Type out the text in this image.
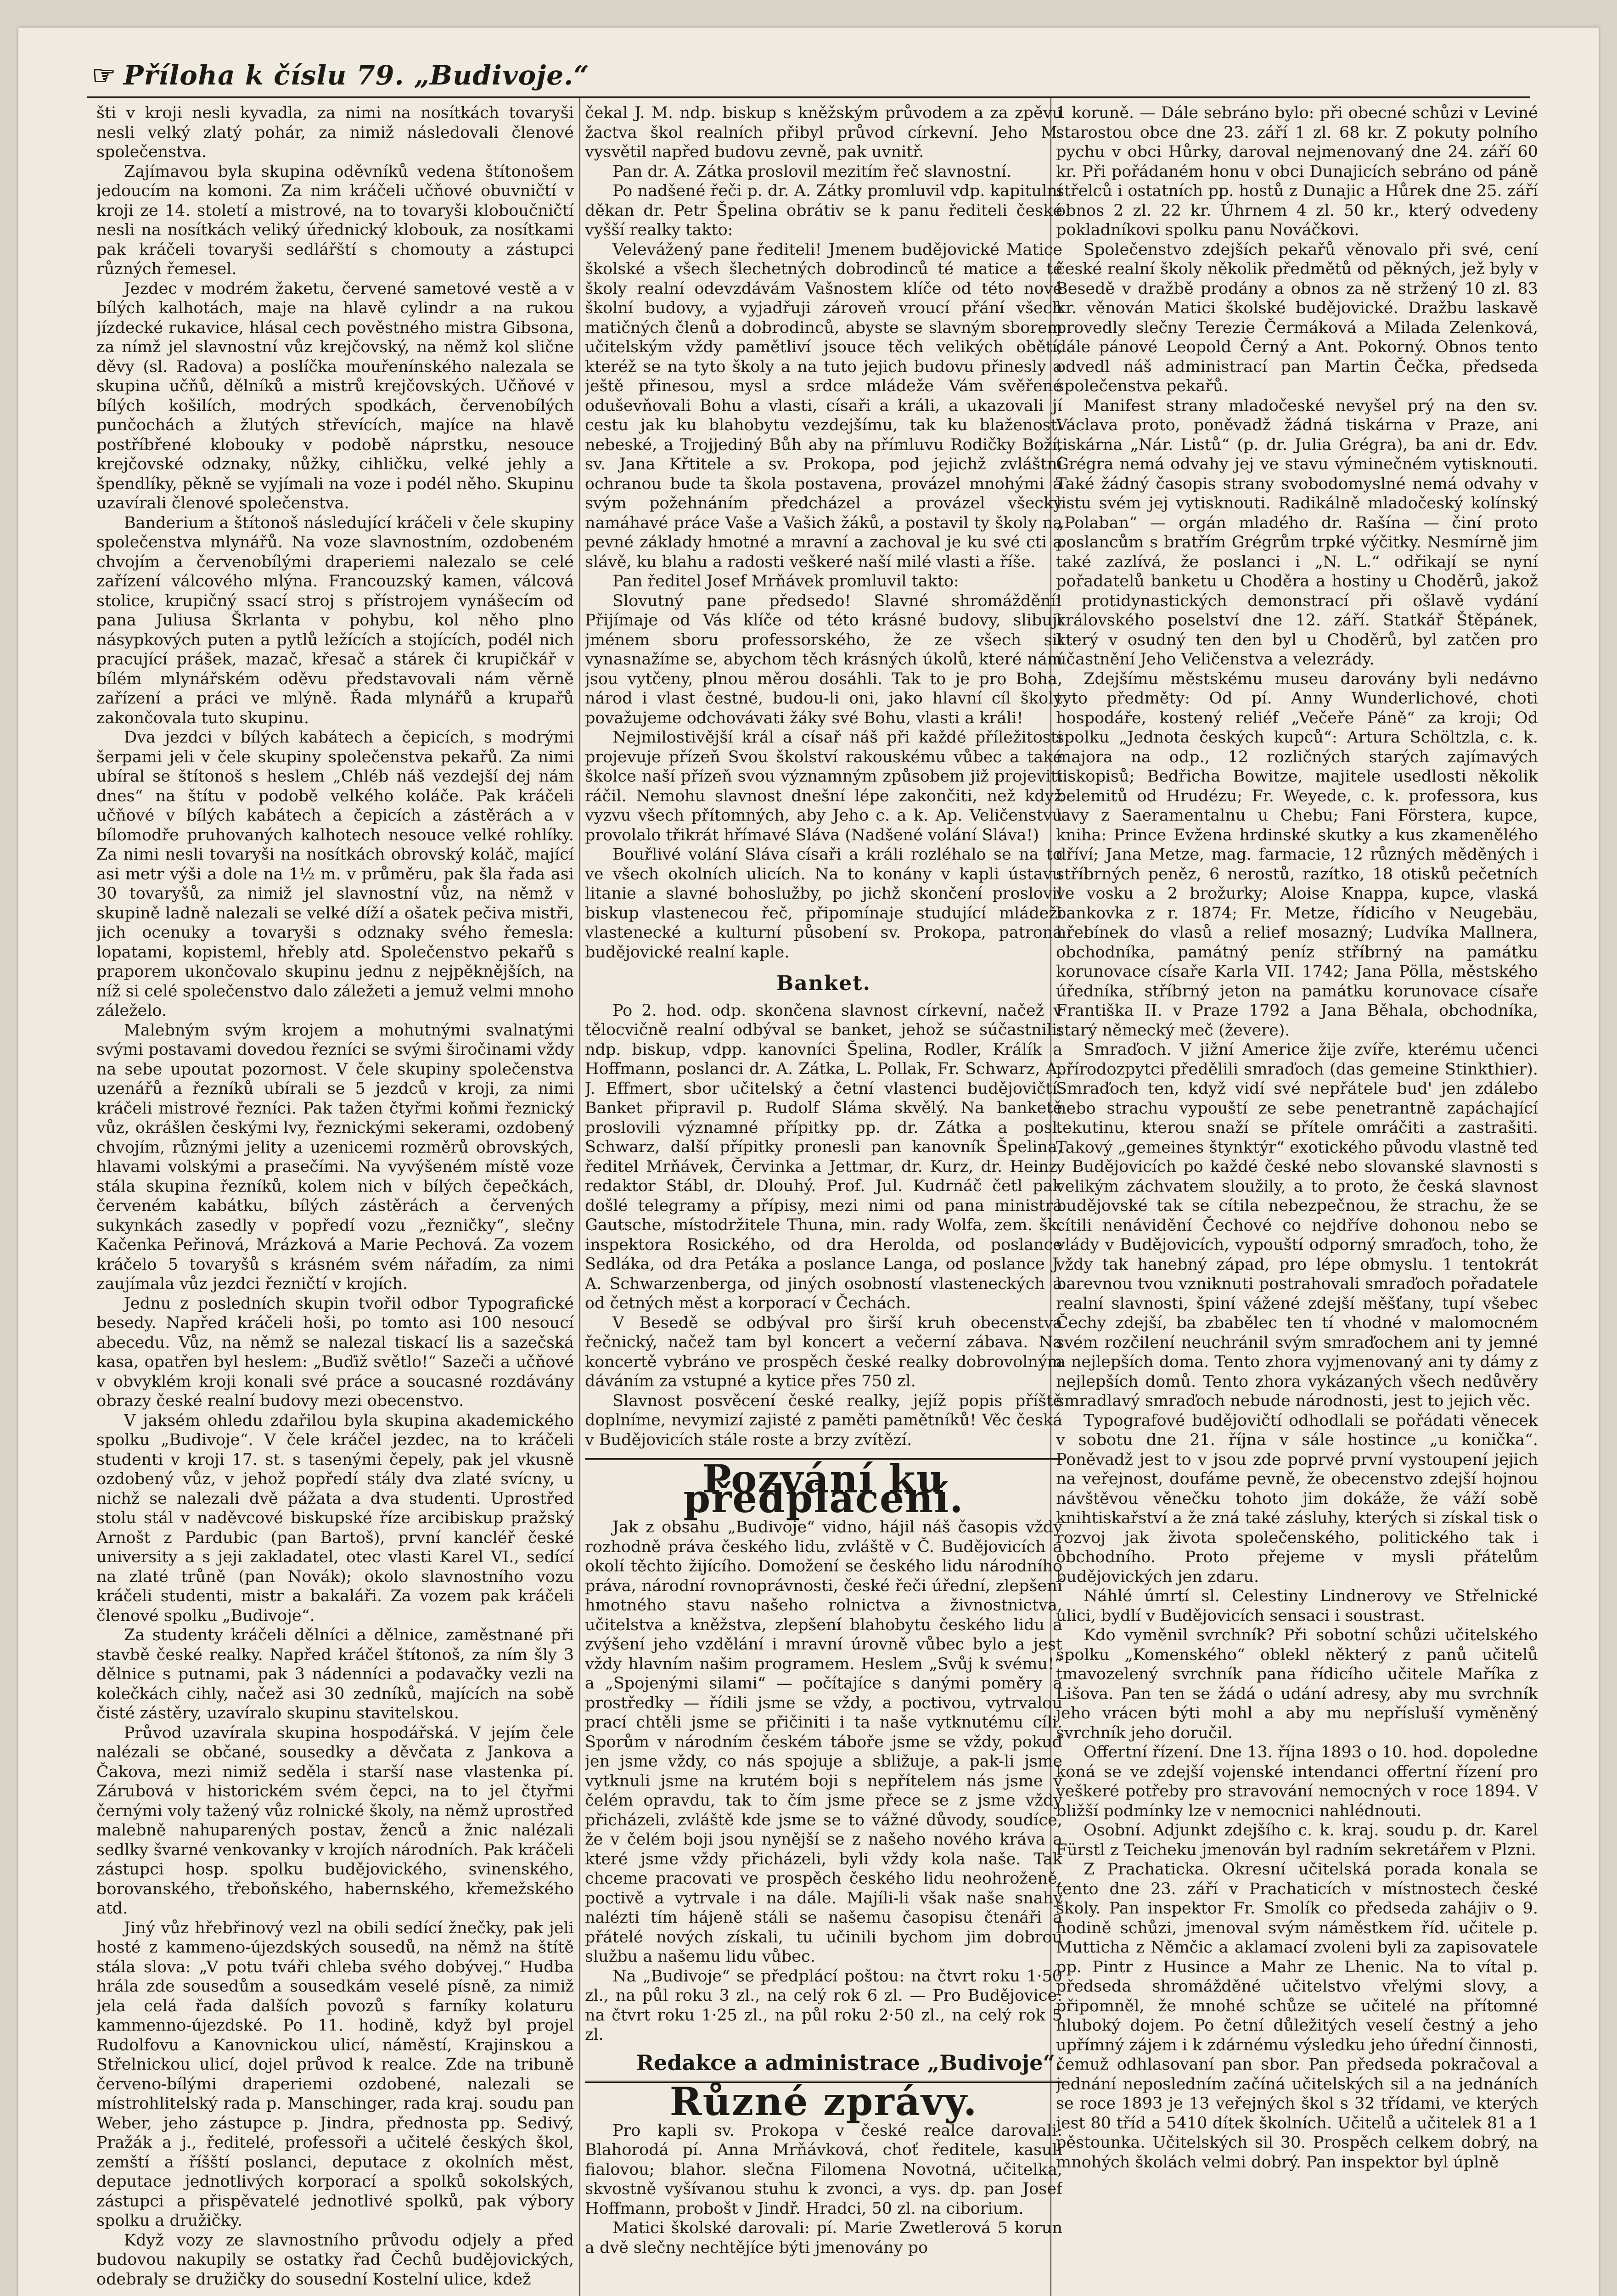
☞ Příloha k číslu 79. „Budivoje.“

šti v kroji nesli kyvadla, za nimi na nosítkách tovaryši nesli velký zlatý pohár, za nimiž následovali členové společenstva.

Zajímavou byla skupina oděvníků vedena štítonošem jedoucím na komoni. Za nim kráčeli učňové obuvničtí v kroji ze 14. století a mistrové, na to tovaryši kloboučničtí nesli na nosítkách veliký úřednický klobouk, za nosítkami pak kráčeli tovaryši sedlářští s chomouty a zástupci různých řemesel.

Jezdec v modrém žaketu, červené sametové vestě a v bílých kalhotách, maje na hlavě cylindr a na rukou jízdecké rukavice, hlásal cech pověstného mistra Gibsona, za nímž jel slavnostní vůz krejčovský, na němž kol slične děvy (sl. Radova) a poslíčka mouřenínského nalezala se skupina učňů, dělníků a mistrů krejčovských. Učňové v bílých košilích, modrých spodkách, červenobílých punčochách a žlutých střevících, majíce na hlavě postříbřené klobouky v podobě náprstku, nesouce krejčovské odznaky, nůžky, cihličku, velké jehly a špendlíky, pěkně se vyjímali na voze i podél něho. Skupinu uzavírali členové společenstva.

Banderium a štítonoš následující kráčeli v čele skupiny společenstva mlynářů. Na voze slavnostním, ozdobeném chvojím a červenobílými draperiemi nalezalo se celé zařízení válcového mlýna. Francouzský kamen, válcová stolice, krupičný ssací stroj s přístrojem vynášecím od pana Juliusa Škrlanta v pohybu, kol něho plno násypkových puten a pytlů ležících a stojících, podél nich pracující prášek, mazač, křesač a stárek či krupičkář v bílém mlynářském oděvu představovali nám věrně zařízení a práci ve mlýně. Řada mlynářů a krupařů zakončovala tuto skupinu.

Dva jezdci v bílých kabátech a čepicích, s modrými šerpami jeli v čele skupiny společenstva pekařů. Za nimi ubíral se štítonoš s heslem „Chléb náš vezdejší dej nám dnes“ na štítu v podobě velkého koláče. Pak kráčeli učňové v bílých kabátech a čepicích a zástěrách a v bílomodře pruhovaných kalhotech nesouce velké rohlíky. Za nimi nesli tovaryši na nosítkách obrovský koláč, mající asi metr výši a dole na 1½ m. v průměru, pak šla řada asi 30 tovaryšů, za nimiž jel slavnostní vůz, na němž v skupině ladně nalezali se velké díží a ošatek pečiva mistři, jich ocenuky a tovaryši s odznaky svého řemesla: lopatami, kopisteml, hřebly atd. Společenstvo pekařů s praporem ukončovalo skupinu jednu z nejpěknějších, na níž si celé společenstvo dalo záležeti a jemuž velmi mnoho záleželo.

Malebným svým krojem a mohutnými svalnatými svými postavami dovedou řezníci se svými širočinami vždy na sebe upoutat pozornost. V čele skupiny společenstva uzenářů a řezníků ubírali se 5 jezdců v kroji, za nimi kráčeli mistrové řezníci. Pak tažen čtyřmi koňmi řeznický vůz, okrášlen českými lvy, řeznickými sekerami, ozdobený chvojím, různými jelity a uzenicemi rozměrů obrovských, hlavami volskými a prasečími. Na vyvýšeném místě voze stála skupina řezníků, kolem nich v bílých čepečkách, červeném kabátku, bílých zástěrách a červených sukynkách zasedly v popředí vozu „řezničky“, slečny Kačenka Peřinová, Mrázková a Marie Pechová. Za vozem kráčelo 5 tovaryšů s krásném svém nářadím, za nimi zaujímala vůz jezdci řezničtí v krojích.

Jednu z posledních skupin tvořil odbor Typografické besedy. Napřed kráčeli hoši, po tomto asi 100 nesoucí abecedu. Vůz, na němž se nalezal tiskací lis a sazečská kasa, opatřen byl heslem: „Buďiž světlo!“ Sazeči a učňové v obvyklém kroji konali své práce a soucasné rozdávány obrazy české realní budovy mezi obecenstvo.

V jaksém ohledu zdařilou byla skupina akademického spolku „Budivoje“. V čele kráčel jezdec, na to kráčeli studenti v kroji 17. st. s tasenými čepely, pak jel vkusně ozdobený vůz, v jehož popředí stály dva zlaté svícny, u nichž se nalezali dvě pážata a dva studenti. Uprostřed stolu stál v naděvcové biskupské říze arcibiskup pražský Arnošt z Pardubic (pan Bartoš), první kancléř české university a s jeji zakladatel, otec vlasti Karel VI., sedící na zlaté trůně (pan Novák); okolo slavnostního vozu kráčeli studenti, mistr a bakaláři. Za vozem pak kráčeli členové spolku „Budivoje“.

Za studenty kráčeli dělníci a dělnice, zaměstnané při stavbě české realky. Napřed kráčel štítonoš, za ním šly 3 dělnice s putnami, pak 3 nádenníci a podavačky vezli na kolečkách cihly, načež asi 30 zedníků, majících na sobě čisté zástěry, uzavíralo skupinu stavitelskou.

Průvod uzavírala skupina hospodářská. V jejím čele nalézali se občané, sousedky a děvčata z Jankova a Čakova, mezi nimiž seděla i starší nase vlastenka pí. Zárubová v historickém svém čepci, na to jel čtyřmi černými voly tažený vůz rolnické školy, na němž uprostřed malebně nahuparených postav, ženců a žnic nalézali sedlky švarné venkovanky v krojích národních. Pak kráčeli zástupci hosp. spolku budějovického, svinenského, borovanského, třeboňského, habernského, křemežského atd.

Jiný vůz hřebřinový vezl na obili sedící žnečky, pak jeli hosté z kammeno-újezdských sousedů, na němž na štítě stála slova: „V potu tváři chleba svého dobývej.“ Hudba hrála zde sousedům a sousedkám veselé písně, za nimiž jela celá řada dalších povozů s farníky kolaturu kammenno-újezdské. Po 11. hodině, když byl projel Rudolfovu a Kanovnickou ulicí, náměstí, Krajinskou a Střelnickou ulicí, dojel průvod k realce. Zde na tribuně červeno-bílými draperiemi ozdobené, nalezali se místrohlitelský rada p. Manschinger, rada kraj. soudu pan Weber, jeho zástupce p. Jindra, přednosta pp. Sedivý, Pražák a j., ředitelé, professoři a učitelé českých škol, zemští a říšští poslanci, deputace z okolních měst, deputace jednotlivých korporací a spolků sokolských, zástupci a přispěvatelé jednotlivé spolků, pak výbory spolku a družičky.

Když vozy ze slavnostního průvodu odjely a před budovou nakupily se ostatky řad Čechů budějovických, odebraly se družičky do sousední Kostelní ulice, kdež

čekal J. M. ndp. biskup s kněžským průvodem a za zpěvu žactva škol realních přibyl průvod církevní. Jeho M. vysvětil napřed budovu zevně, pak uvnitř.

Pan dr. A. Zátka proslovil mezitím řeč slavnostní.

Po nadšené řeči p. dr. A. Zátky promluvil vdp. kapitulní děkan dr. Petr Špelina obrátiv se k panu řediteli české vyšší realky takto:

Velevážený pane řediteli! Jmenem budějovické Matice školské a všech šlechetných dobrodinců té matice a té školy realní odevzdávám Vašnostem klíče od této nové školní budovy, a vyjadřuji zároveň vroucí přání všech matičných členů a dobrodinců, abyste se slavným sborem učitelským vždy pamětliví jsouce těch velikých obětí, kteréž se na tyto školy a na tuto jejich budovu přinesly a ještě přinesou, mysl a srdce mládeže Vám svěřené oduševňovali Bohu a vlasti, císaři a králi, a ukazovali jí cestu jak ku blahobytu vezdejšímu, tak ku blaženosti nebeské, a Trojjediný Bůh aby na přímluvu Rodičky Boží, sv. Jana Křtitele a sv. Prokopa, pod jejichž zvláštní ochranou bude ta škola postavena, provázel mnohými a svým požehnáním předcházel a provázel všecky namáhavé práce Vaše a Vašich žáků, a postavil ty školy na pevné základy hmotné a mravní a zachoval je ku své cti a slávě, ku blahu a radosti veškeré naší milé vlasti a říše.

Pan ředitel Josef Mrňávek promluvil takto:

Slovutný pane předsedo! Slavné shromáždění! Přijímaje od Vás klíče od této krásné budovy, slibuji jménem sboru professorského, že ze všech sil vynasnažíme se, abychom těch krásných úkolů, které nám jsou vytčeny, plnou měrou dosáhli. Tak to je pro Boha, národ i vlast čestné, budou-li oni, jako hlavní cíl školy považujeme odchovávati žáky své Bohu, vlasti a králi!

Nejmilostivější král a císař náš při každé příležitosti projevuje přízeň Svou školství rakouskému vůbec a také školce naší přízeň svou významným způsobem již projeviti ráčil. Nemohu slavnost dnešní lépe zakončiti, než když vyzvu všech přítomných, aby Jeho c. a k. Ap. Veličenstvu provolalo třikrát hřímavé Sláva (Nadšené volání Sláva!)

Bouřlivé volání Sláva císaři a králi rozléhalo se na to ve všech okolních ulicích. Na to konány v kapli ústavu litanie a slavné bohoslužby, po jichž skončení proslovil biskup vlastenecou řeč, připomínaje studující mládeži vlastenecké a kulturní působení sv. Prokopa, patrona budějovické realní kaple.

Banket.

Po 2. hod. odp. skončena slavnost církevní, načež v tělocvičně realní odbýval se banket, jehož se súčastnili: ndp. biskup, vdpp. kanovníci Špelina, Rodler, Králík a Hoffmann, poslanci dr. A. Zátka, L. Pollak, Fr. Schwarz, A. J. Effmert, sbor učitelský a četní vlastenci budějovičtí. Banket připravil p. Rudolf Sláma skvělý. Na banketě proslovili významné přípitky pp. dr. Zátka a posl. Schwarz, další přípitky pronesli pan kanovník Špelina, ředitel Mrňávek, Červinka a Jettmar, dr. Kurz, dr. Heinz, redaktor Stábl, dr. Dlouhý. Prof. Jul. Kudrnáč četl pak došlé telegramy a přípisy, mezi nimi od pana ministra Gautsche, místodržitele Thuna, min. rady Wolfa, zem. šk. inspektora Rosického, od dra Herolda, od poslance Sedláka, od dra Petáka a poslance Langa, od poslance J. A. Schwarzenberga, od jiných osobností vlasteneckých a od četných měst a korporací v Čechách.

V Besedě se odbýval pro širší kruh obecenstva řečnický, načež tam byl koncert a večerní zábava. Na koncertě vybráno ve prospěch české realky dobrovolným dáváním za vstupné a kytice přes 750 zl.

Slavnost posvěcení české realky, jejíž popis příště doplníme, nevymizí zajisté z paměti pamětníků! Věc česká v Budějovicích stále roste a brzy zvítězí.

Pozvání ku předplacení.

Jak z obsahu „Budivoje“ vidno, hájil náš časopis vždy rozhodně práva českého lidu, zvláště v Č. Budějovicích a okolí těchto žijícího. Domožení se českého lidu národního práva, národní rovnoprávnosti, české řeči úřední, zlepšení hmotného stavu našeho rolnictva a živnostnictva, učitelstva a kněžstva, zlepšení blahobytu českého lidu a zvýšení jeho vzdělání i mravní úrovně vůbec bylo a jest vždy hlavním našim programem. Heslem „Svůj k svému!“ a „Spojenými silami“ — počítajíce s danými poměry a prostředky — řídili jsme se vždy, a poctivou, vytrvalou prací chtěli jsme se přičiniti i ta naše vytknutému cíli. Sporům v národním českém táboře jsme se vždy, pokud jen jsme vždy, co nás spojuje a sbližuje, a pak-li jsme vytknuli jsme na krutém boji s nepřítelem nás jsme v čelém opravdu, tak to čím jsme přece se z jsme vždy přicházeli, zvláště kde jsme se to vážné důvody, soudíce, že v čelém boji jsou nynější se z našeho nového kráva a které jsme vždy přicházeli, byli vždy kola naše. Tak chceme pracovati ve prospěch českého lidu neohroženě, poctivě a vytrvale i na dále. Majíli-li však naše snahy nalézti tím hájeně stáli se našemu časopisu čtenáři a přátelé nových získali, tu učinili bychom jim dobrou službu a našemu lidu vůbec.

Na „Budivoje“ se předplácí poštou: na čtvrt roku 1·50 zl., na půl roku 3 zl., na celý rok 6 zl. — Pro Budějovice: na čtvrt roku 1·25 zl., na půl roku 2·50 zl., na celý rok 5 zl.

Redakce a administrace „Budivoje“.
Různé zprávy.

Pro kapli sv. Prokopa v české realce darovali: Blahorodá pí. Anna Mrňávková, choť ředitele, kasuli fialovou; blahor. slečna Filomena Novotná, učitelka, skvostně vyšívanou stuhu k zvonci, a vys. dp. pan Josef Hoffmann, probošt v Jindř. Hradci, 50 zl. na ciborium.

Matici školské darovali: pí. Marie Zwetlerová 5 korun a dvě slečny nechtějíce býti jmenovány po

1 koruně. — Dále sebráno bylo: při obecné schůzi v Leviné starostou obce dne 23. září 1 zl. 68 kr. Z pokuty polního pychu v obci Hůrky, daroval nejmenovaný dne 24. září 60 kr. Při pořádaném honu v obci Dunajicích sebráno od páně střelců i ostatních pp. hostů z Dunajic a Hůrek dne 25. září obnos 2 zl. 22 kr. Úhrnem 4 zl. 50 kr., který odvedeny pokladníkovi spolku panu Nováčkovi.

Společenstvo zdejších pekařů věnovalo při své, cení české realní školy několik předmětů od pěkných, jež byly v Besedě v dražbě prodány a obnos za ně stržený 10 zl. 83 kr. věnován Matici školské budějovické. Dražbu laskavě provedly slečny Terezie Čermáková a Milada Zelenková, dále pánové Leopold Černý a Ant. Pokorný. Obnos tento odvedl náš administrací pan Martin Čečka, předseda společenstva pekařů.

Manifest strany mladočeské nevyšel prý na den sv. Václava proto, poněvadž žádná tiskárna v Praze, ani tiskárna „Nár. Listů“ (p. dr. Julia Grégra), ba ani dr. Edv. Grégra nemá odvahy jej ve stavu výminečném vytisknouti. Také žádný časopis strany svobodomyslné nemá odvahy v listu svém jej vytisknouti. Radikálně mladočeský kolínský „Polaban“ — orgán mladého dr. Rašína — činí proto poslancům s bratřím Grégrům trpké výčitky. Nesmírně jim také zazlívá, že poslanci i „N. L.“ odřikají se nyní pořadatelů banketu u Choděra a hostiny u Choděrů, jakož i protidynastických demonstrací při ošlavě vydání královského poselství dne 12. září. Statkář Štěpánek, který v osudný ten den byl u Choděrů, byl zatčen pro účastnění Jeho Veličenstva a velezrády.

Zdejšímu městskému museu darovány byli nedávno tyto předměty: Od pí. Anny Wunderlichové, choti hospodáře, kostený reliéf „Večeře Páně“ za kroji; Od spolku „Jednota českých kupců“: Artura Schöltzla, c. k. majora na odp., 12 rozličných starých zajímavých tiskopisů; Bedřicha Bowitze, majitele usedlosti několik belemitů od Hrudézu; Fr. Weyede, c. k. professora, kus lavy z Saeramentalnu u Chebu; Fani Förstera, kupce, kniha: Prince Evžena hrdinské skutky a kus zkamenělého dříví; Jana Metze, mag. farmacie, 12 různých měděných i stříbrných peněz, 6 nerostů, razítko, 18 otisků pečetních ve vosku a 2 brožurky; Aloise Knappa, kupce, vlaská bankovka z r. 1874; Fr. Metze, řídicího v Neugebäu, hřebínek do vlasů a relief mosazný; Ludvíka Mallnera, obchodníka, památný peníz stříbrný na památku korunovace císaře Karla VII. 1742; Jana Pölla, městského úředníka, stříbrný jeton na památku korunovace císaře Františka II. v Praze 1792 a Jana Běhala, obchodníka, starý německý meč (ževere).

Smraďoch. V jižní Americe žije zvíře, kterému učenci přírodozpytci předělili smraďoch (das gemeine Stinkthier). Smraďoch ten, když vidí své nepřátele bud' jen zdálebo nebo strachu vypouští ze sebe penetrantně zapáchající tekutinu, kterou snaží se přítele omráčiti a zastrašiti. Takový „gemeines štynktýr“ exotického původu vlastně teď v Budějovicích po každé české nebo slovanské slavnosti s velikým záchvatem sloužily, a to proto, že česká slavnost budějovské tak se cítila nebezpečnou, že strachu, že se cítili nenávidění Čechové co nejdříve dohonou nebo se vlády v Budějovicích, vypouští odporný smraďoch, toho, že vždy tak hanebný západ, pro lépe obmyslu. 1 tentokrát barevnou tvou vzniknuti postrahovali smraďoch pořadatele realní slavnosti, špiní vážené zdejší měšťany, tupí všebec Čechy zdejší, ba zbabělec ten tí vhodné v malomocném svém rozčilení neuchránil svým smraďochem ani ty jemné a nejlepších doma. Tento zhora vyjmenovaný ani ty dámy z nejlepších domů. Tento zhora vykázaných všech nedůvěry smradlavý smraďoch nebude národnosti, jest to jejich věc.

Typografové budějovičtí odhodlali se pořádati věnecek v sobotu dne 21. října v sále hostince „u konička“. Poněvadž jest to v jsou zde poprvé první vystoupení jejich na veřejnost, doufáme pevně, že obecenstvo zdejší hojnou návštěvou věnečku tohoto jim dokáže, že váží sobě knihtiskařství a že zná také zásluhy, kterých si získal tisk o rozvoj jak života společenského, politického tak i obchodního. Proto přejeme v mysli přátelům budějovických jen zdaru.

Náhlé úmrtí sl. Celestiny Lindnerovy ve Střelnické ulici, bydlí v Budějovicích sensaci i soustrast.

Kdo vyměnil svrchník? Při sobotní schůzi učitelského spolku „Komenského“ oblekl některý z panů učitelů tmavozelený svrchník pana řídicího učitele Maříka z Lišova. Pan ten se žádá o udání adresy, aby mu svrchník jeho vrácen býti mohl a aby mu nepřísluší vyměněný svrchník jeho doručil.

Offertní řízení. Dne 13. října 1893 o 10. hod. dopoledne koná se ve zdejší vojenské intendanci offertní řízení pro veškeré potřeby pro stravování nemocných v roce 1894. V bližší podmínky lze v nemocnici nahlédnouti.

Osobní. Adjunkt zdejšího c. k. kraj. soudu p. dr. Karel Fürstl z Teicheku jmenován byl radním sekretářem v Plzni.

Z Prachaticka. Okresní učitelská porada konala se tento dne 23. září v Prachaticích v místnostech české školy. Pan inspektor Fr. Smolík co předseda zahájiv o 9. hodině schůzi, jmenoval svým náměstkem říd. učitele p. Mutticha z Němčic a aklamací zvoleni byli za zapisovatele pp. Pintr z Husince a Mahr ze Lhenic. Na to vítal p. předseda shromážděné učitelstvo vřelými slovy, a připomněl, že mnohé schůze se učitelé na přítomné hluboký dojem. Po četní důležitých veselí čestný a jeho upřímný zájem i k zdárnému výsledku jeho úřední činnosti, čemuž odhlasovaní pan sbor. Pan předseda pokračoval a jednání neposledním začíná učitelských sil a na jednáních se roce 1893 je 13 veřejných škol s 32 třídami, ve kterých jest 80 tříd a 5410 dítek školních. Učitelů a učitelek 81 a 1 pěstounka. Učitelských sil 30. Prospěch celkem dobrý, na mnohých školách velmi dobrý. Pan inspektor byl úplně
